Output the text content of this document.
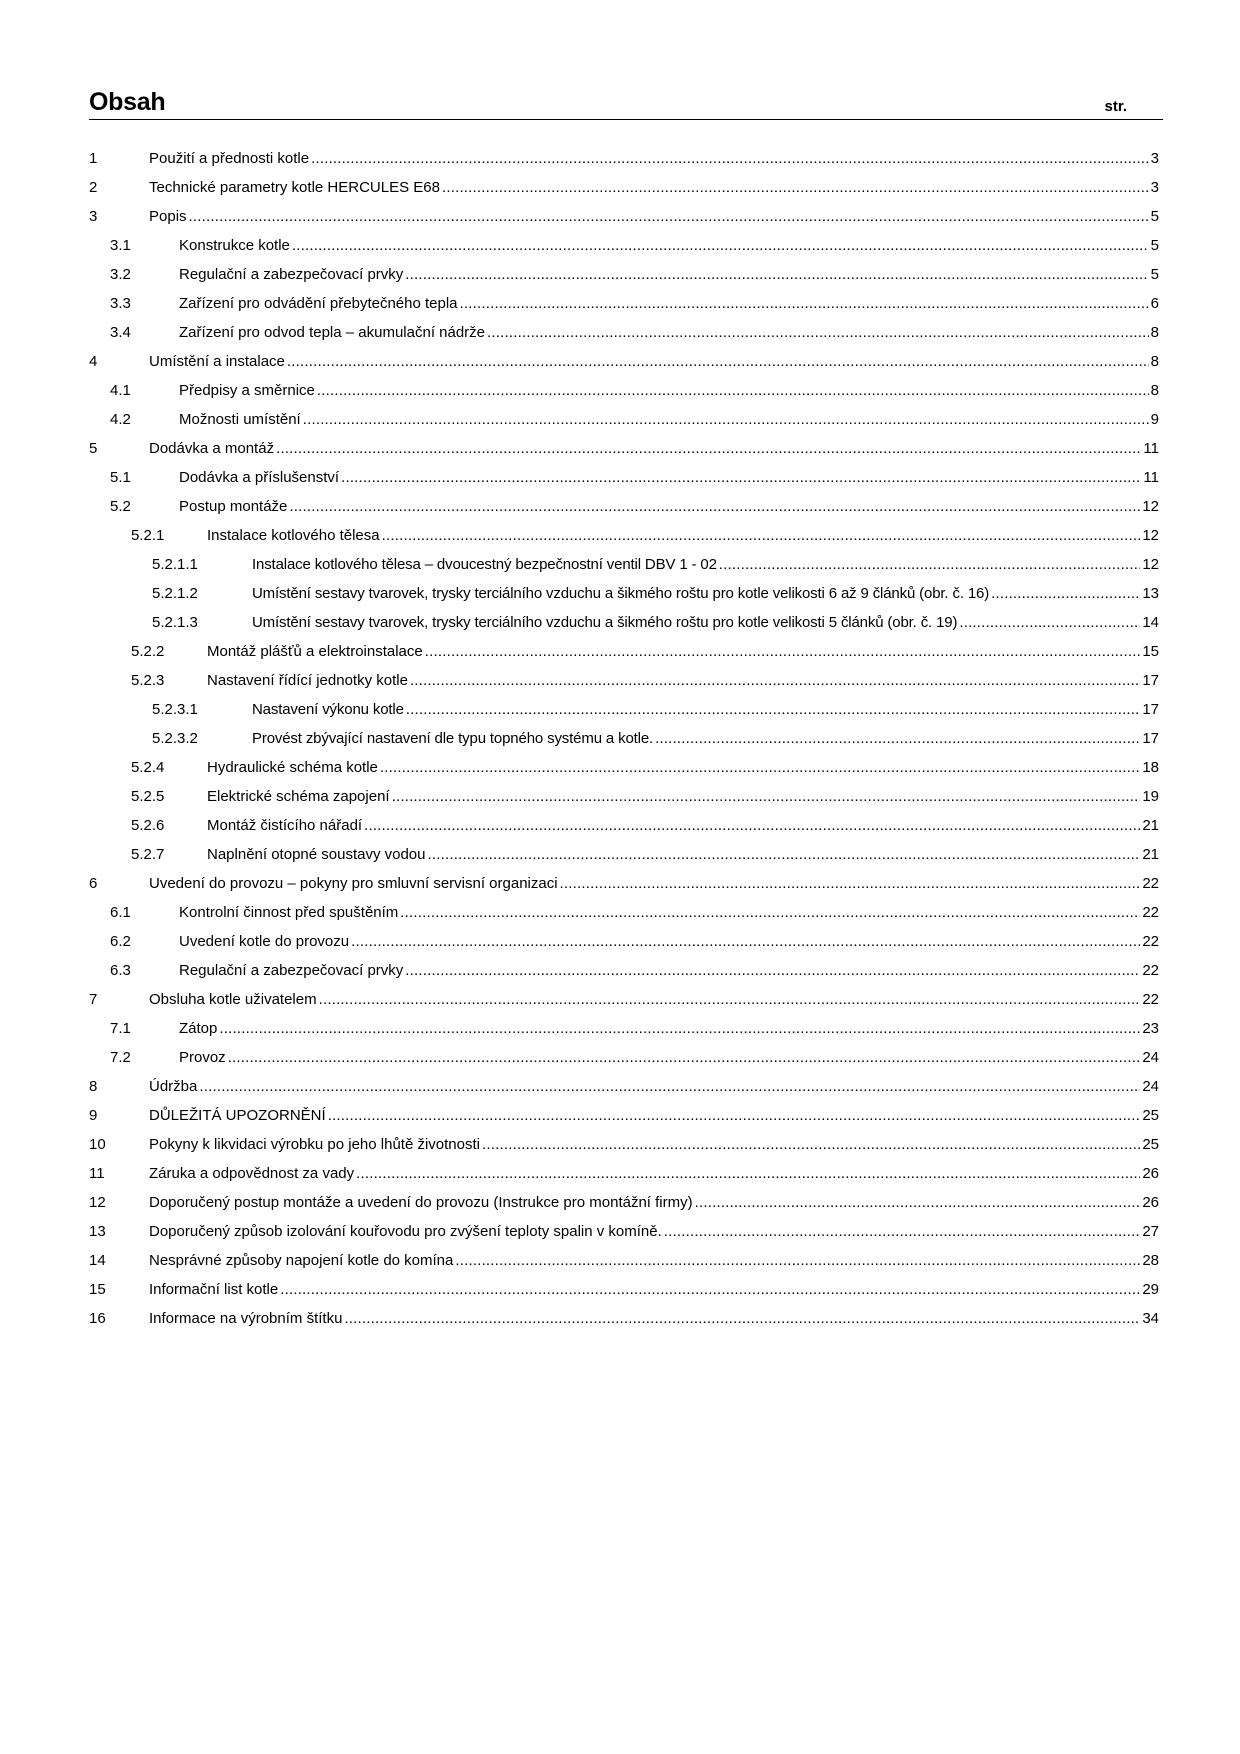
Obsah	str.
1	Použití a přednosti kotle .....	3
2	Technické parametry kotle HERCULES E68 .....	3
3	Popis .....	5
3.1	Konstrukce kotle .....	5
3.2	Regulační a zabezpečovací prvky .....	5
3.3	Zařízení pro odvádění přebytečného tepla .....	6
3.4	Zařízení pro odvod tepla – akumulační nádrže .....	8
4	Umístění a instalace .....	8
4.1	Předpisy a směrnice .....	8
4.2	Možnosti umístění .....	9
5	Dodávka a montáž .....	11
5.1	Dodávka a příslušenství .....	11
5.2	Postup montáže .....	12
5.2.1	Instalace kotlového tělesa .....	12
5.2.1.1	Instalace kotlového tělesa – dvoucestný bezpečnostní ventil DBV 1 - 02 .....	12
5.2.1.2	Umístění sestavy tvarovek, trysky terciálního vzduchu a šikmého roštu pro kotle velikosti 6 až 9 článků (obr. č. 16) .....	13
5.2.1.3	Umístění sestavy tvarovek, trysky terciálního vzduchu a šikmého roštu pro kotle velikosti 5 článků (obr. č. 19) .....	14
5.2.2	Montáž plášťů a elektroinstalace .....	15
5.2.3	Nastavení řídící jednotky kotle .....	17
5.2.3.1	Nastavení výkonu kotle .....	17
5.2.3.2	Provést zbývající nastavení dle typu topného systému a kotle. .....	17
5.2.4	Hydraulické schéma kotle .....	18
5.2.5	Elektrické schéma zapojení .....	19
5.2.6	Montáž čistícího nářadí .....	21
5.2.7	Naplnění otopné soustavy vodou .....	21
6	Uvedení do provozu – pokyny pro smluvní servisní organizaci .....	22
6.1	Kontrolní činnost před spuštěním .....	22
6.2	Uvedení kotle do provozu .....	22
6.3	Regulační a zabezpečovací prvky .....	22
7	Obsluha kotle uživatelem .....	22
7.1	Zátop .....	23
7.2	Provoz .....	24
8	Údržba .....	24
9	DŮLEŽITÁ UPOZORNĚNÍ .....	25
10	Pokyny k likvidaci výrobku po jeho lhůtě životnosti .....	25
11	Záruka a odpovědnost za vady .....	26
12	Doporučený postup montáže a uvedení do provozu (Instrukce pro montážní firmy) .....	26
13	Doporučený způsob izolování kouřovodu pro zvýšení teploty spalin v komíně. .....	27
14	Nesprávné způsoby napojení kotle do komína .....	28
15	Informační list kotle .....	29
16	Informace na výrobním štítku .....	34
